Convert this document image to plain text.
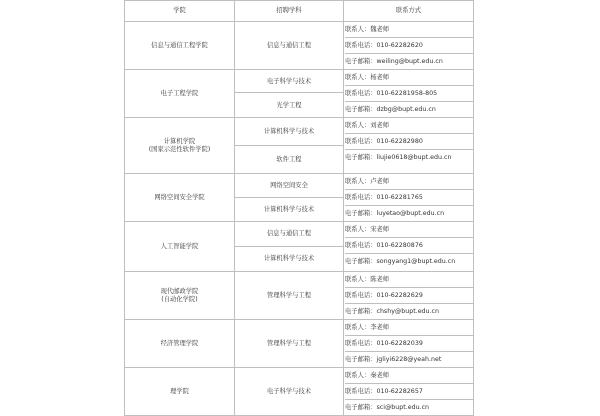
学院	招聘学科	联系方式

信息与通信工程学院	信息与通信工程	联系人：魏老师
联系电话：010-62282620
电子邮箱：weiling@bupt.edu.cn

电子工程学院	电子科学与技术	联系人：杨老师
联系电话：010-62281958-805
电子邮箱：dzbg@bupt.edu.cn

	光学工程	

计算机学院
(国家示范性软件学院)	计算机科学与技术	联系人：刘老师
联系电话：010-62282980
电子邮箱：liujie0618@bupt.edu.cn

	软件工程	

网络空间安全学院	网络空间安全	联系人：卢老师
联系电话：010-62281765
电子邮箱：luyetao@bupt.edu.cn

	计算机科学与技术	

人工智能学院	信息与通信工程	联系人：宋老师
联系电话：010-62280876
电子邮箱：songyang1@bupt.edu.cn

	计算机科学与技术	

现代邮政学院
(自动化学院)	管理科学与工程	联系人：陈老师
联系电话：010-62282629
电子邮箱：chshy@bupt.edu.cn

经济管理学院	管理科学与工程	联系人：李老师
联系电话：010-62282039
电子邮箱：jgliyi6228@yeah.net

理学院	电子科学与技术	联系人：秦老师
联系电话：010-62282657
电子邮箱：sci@bupt.edu.cn
